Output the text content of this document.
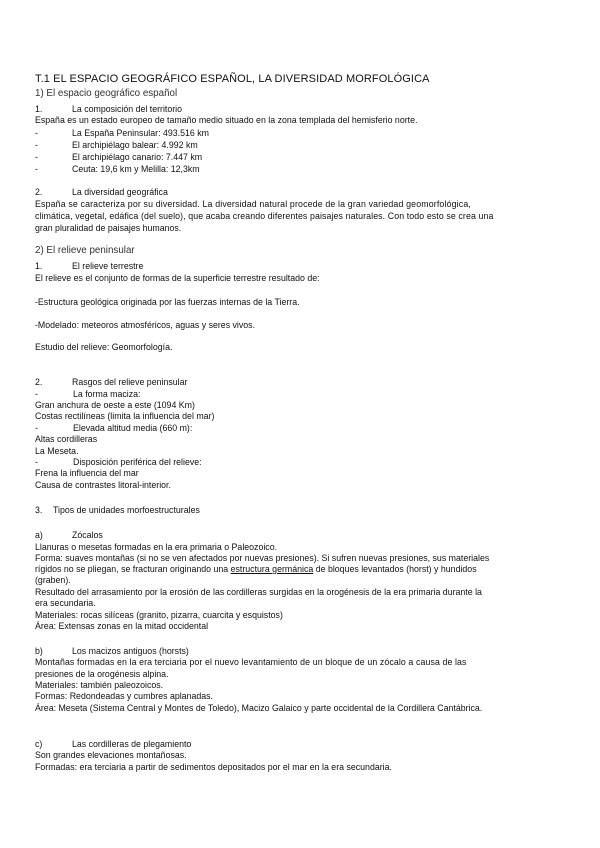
T.1 EL ESPACIO GEOGRÁFICO ESPAÑOL, LA DIVERSIDAD MORFOLÓGICA
1) El espacio geográfico español
1.	La composición del territorio
España es un estado europeo de tamaño medio situado en la zona templada del hemisferio norte.
-	La España Peninsular: 493.516 km
-	El archipiélago balear: 4.992 km
-	El archipiélago canario: 7.447 km
-	Ceuta: 19,6 km y Melilla: 12,3km
2.	La diversidad geográfica
España se caracteriza por su diversidad. La diversidad natural procede de la gran variedad geomorfológica,
climática, vegetal, edáfica (del suelo), que acaba creando diferentes paisajes naturales. Con todo esto se crea una
gran pluralidad de paisajes humanos.
2) El relieve peninsular
1.	El relieve terrestre
El relieve es el conjunto de formas de la superficie terrestre resultado de:
-Estructura geológica originada por las fuerzas internas de la Tierra.
-Modelado: meteoros atmosféricos, aguas y seres vivos.
Estudio del relieve: Geomorfología.
2.	Rasgos del relieve peninsular
-	La forma maciza:
Gran anchura de oeste a este (1094 Km)
Costas rectilíneas (limita la influencia del mar)
-	Elevada altitud media (660 m):
Altas cordilleras
La Meseta.
-	Disposición periférica del relieve:
Frena la influencia del mar
Causa de contrastes litoral-interior.
3. Tipos de unidades morfoestructurales
a)	Zócalos
Llanuras o mesetas formadas en la era primaria o Paleozoico.
Forma: suaves montañas (si no se ven afectados por nuevas presiones). Si sufren nuevas presiones, sus materiales
rígidos no se pliegan, se fracturan originando una estructura germánica de bloques levantados (horst) y hundidos
(graben).
Resultado del arrasamiento por la erosión de las cordilleras surgidas en la orogénesis de la era primaria durante la
era secundaria.
Materiales: rocas silíceas (granito, pizarra, cuarcita y esquistos)
Área: Extensas zonas en la mitad occidental
b)	Los macizos antiguos (horsts)
Montañas formadas en la era terciaria por el nuevo levantamiento de un bloque de un zócalo a causa de las
presiones de la orogénesis alpina.
Materiales: también paleozoicos.
Formas: Redondeadas y cumbres aplanadas.
Área: Meseta (Sistema Central y Montes de Toledo), Macizo Galaico y parte occidental de la Cordillera Cantábrica.
c)	Las cordilleras de plegamiento
Son grandes elevaciones montañosas.
Formadas: era terciaria a partir de sedimentos depositados por el mar en la era secundaria.
